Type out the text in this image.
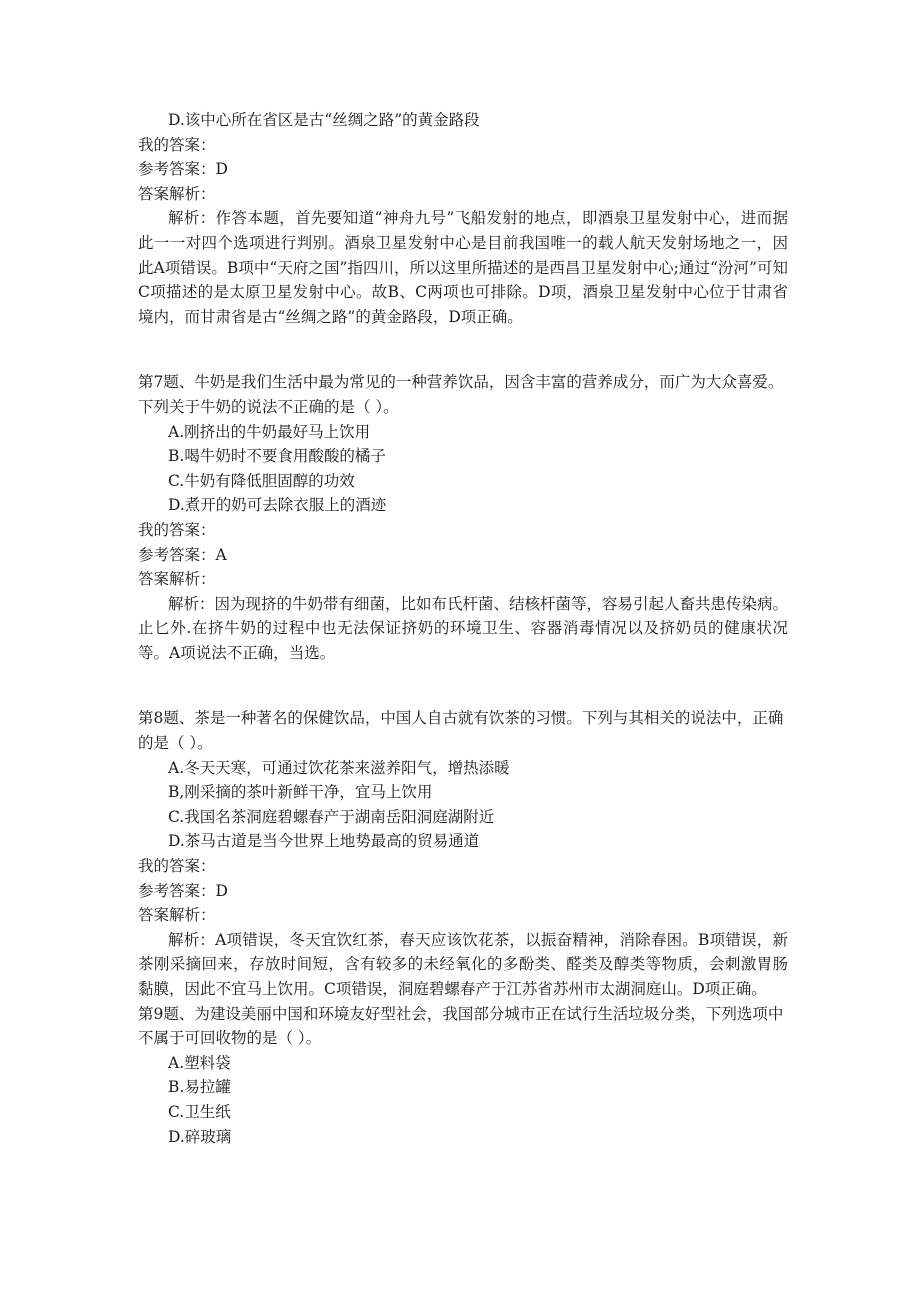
D.该中心所在省区是古“丝绸之路”的黄金路段
我的答案：
参考答案：D
答案解析：
解析：作答本题，首先要知道“神舟九号”飞船发射的地点，即酒泉卫星发射中心，进而据此一一对四个选项进行判别。酒泉卫星发射中心是目前我国唯一的载人航天发射场地之一，因此A项错误。B项中“天府之国”指四川，所以这里所描述的是西昌卫星发射中心;通过“汾河”可知C项描述的是太原卫星发射中心。故B、C两项也可排除。D项，酒泉卫星发射中心位于甘肃省境内，而甘肃省是古“丝绸之路”的黄金路段，D项正确。
第7题、牛奶是我们生活中最为常见的一种营养饮品，因含丰富的营养成分，而广为大众喜爱。下列关于牛奶的说法不正确的是（ ）。
A.刚挤出的牛奶最好马上饮用
B.喝牛奶时不要食用酸酸的橘子
C.牛奶有降低胆固醇的功效
D.煮开的奶可去除衣服上的酒迹
我的答案：
参考答案：A
答案解析：
解析：因为现挤的牛奶带有细菌，比如布氏杆菌、结核杆菌等，容易引起人畜共患传染病。止匕外.在挤牛奶的过程中也无法保证挤奶的环境卫生、容器消毒情况以及挤奶员的健康状况等。A项说法不正确，当选。
第8题、茶是一种著名的保健饮品，中国人自古就有饮茶的习惯。下列与其相关的说法中，正确的是（ ）。
A.冬天天寒，可通过饮花茶来滋养阳气，增热添暖
B,刚采摘的茶叶新鲜干净，宜马上饮用
C.我国名茶洞庭碧螺春产于湖南岳阳洞庭湖附近
D.茶马古道是当今世界上地势最高的贸易通道
我的答案：
参考答案：D
答案解析：
解析：A项错误，冬天宜饮红茶，春天应该饮花茶，以振奋精神，消除春困。B项错误，新茶刚采摘回来，存放时间短，含有较多的未经氧化的多酚类、醛类及醇类等物质，会刺激胃肠黏膜，因此不宜马上饮用。C项错误，洞庭碧螺春产于江苏省苏州市太湖洞庭山。D项正确。
第9题、为建设美丽中国和环境友好型社会，我国部分城市正在试行生活垃圾分类，下列选项中不属于可回收物的是（ ）。
A.塑料袋
B.易拉罐
C.卫生纸
D.碎玻璃
